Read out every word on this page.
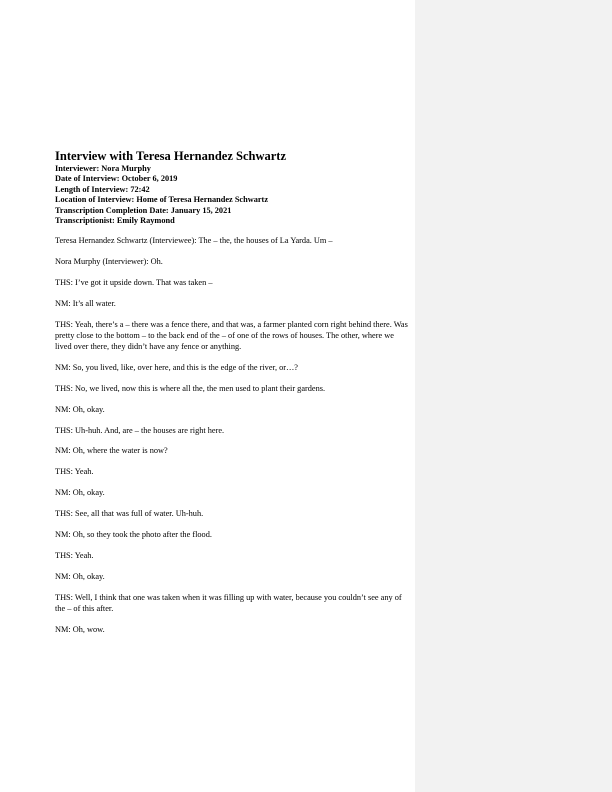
Interview with Teresa Hernandez Schwartz
Interviewer: Nora Murphy
Date of Interview: October 6, 2019
Length of Interview: 72:42
Location of Interview: Home of Teresa Hernandez Schwartz
Transcription Completion Date: January 15, 2021
Transcriptionist: Emily Raymond

Teresa Hernandez Schwartz (Interviewee): The – the, the houses of La Yarda. Um –

Nora Murphy (Interviewer): Oh.

THS: I’ve got it upside down. That was taken –

NM: It’s all water.

THS: Yeah, there’s a – there was a fence there, and that was, a farmer planted corn right behind there. Was pretty close to the bottom – to the back end of the – of one of the rows of houses. The other, where we lived over there, they didn’t have any fence or anything.

NM: So, you lived, like, over here, and this is the edge of the river, or…?

THS: No, we lived, now this is where all the, the men used to plant their gardens.

NM: Oh, okay.

THS: Uh-huh. And, are – the houses are right here.

NM: Oh, where the water is now?

THS: Yeah.

NM: Oh, okay.

THS: See, all that was full of water. Uh-huh.

NM: Oh, so they took the photo after the flood.

THS: Yeah.

NM: Oh, okay.

THS: Well, I think that one was taken when it was filling up with water, because you couldn’t see any of the – of this after.

NM: Oh, wow.
